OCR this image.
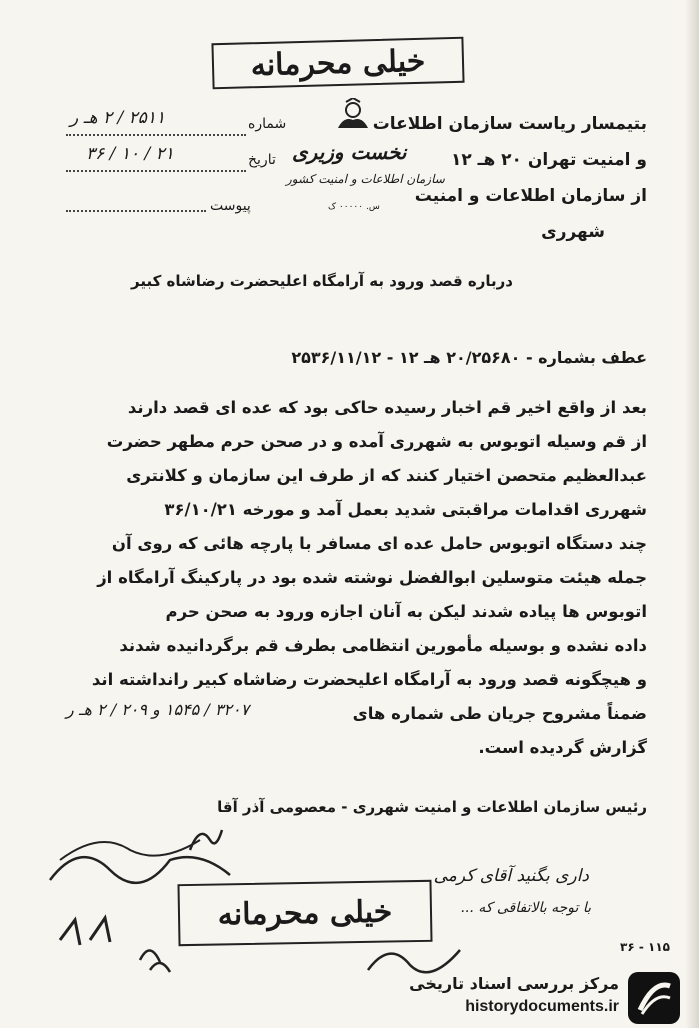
خیلی محرمانه
بتیمسار ریاست سازمان اطلاعات
و امنیت تهران ۲۰ هـ ۱۲
از سازمان اطلاعات و امنیت
شهرری
نخست وزیری
سازمان اطلاعات و امنیت کشور
س. ۰۰۰۰۰ ک
شماره
۲۵۱۱ / ۲ هـ ر
تاریخ
۲۱ / ۱۰ / ۳۶
پیوست
درباره قصد ورود به آرامگاه اعلیحضرت رضاشاه کبیر
عطف بشماره - ۲۰/۲۵۶۸۰ هـ ۱۲ - ۲۵۳۶/۱۱/۱۲
بعد از واقع اخیر قم اخبار رسیده حاکی بود که عده ای قصد دارند
از قم وسیله اتوبوس به شهرری آمده و در صحن حرم مطهر حضرت
عبدالعظیم متحصن اختیار کنند که از طرف این سازمان و کلانتری
شهرری اقدامات مراقبتی شدید بعمل آمد و مورخه ۳۶/۱۰/۲۱
چند دستگاه اتوبوس حامل عده ای مسافر با پارچه هائی که روی آن
جمله هیئت متوسلین ابوالفضل نوشته شده بود در پارکینگ آرامگاه از
اتوبوس ها پیاده شدند لیکن به آنان اجازه ورود به صحن حرم
داده نشده و بوسیله مأمورین انتظامی بطرف قم برگردانیده شدند
و هیچگونه قصد ورود به آرامگاه اعلیحضرت رضاشاه کبیر رانداشته اند
ضمناً مشروح جریان طی شماره های
۳۲۰۷ / ۱۵۴۵ و ۲۰۹ / ۲ هـ ر
گزارش گردیده است.
رئیس سازمان اطلاعات و امنیت شهرری - معصومی آذر آقا
خیلی محرمانه
داری بگنید آقای کرمی
با توجه بالاتفاقی که ...
۱۱۵ - ۳۶
مرکز بررسی اسناد تاریخی
historydocuments.ir
